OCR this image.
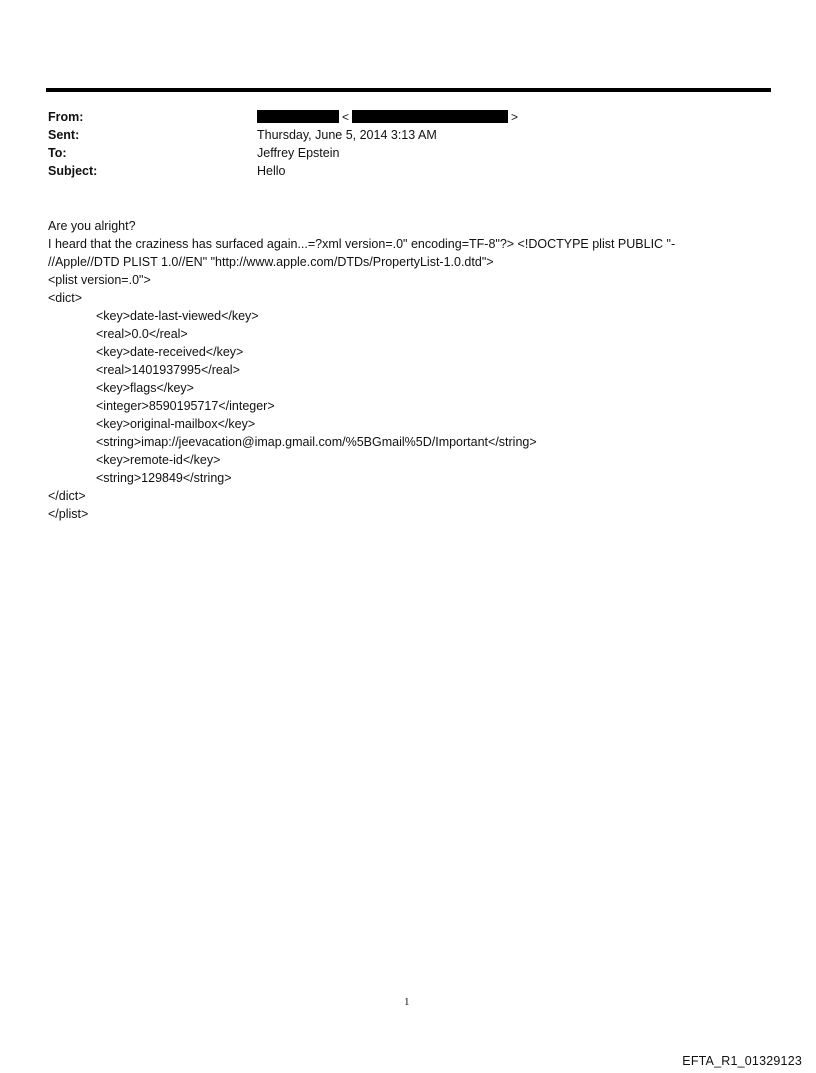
From:	<	>
Sent:	Thursday, June 5, 2014 3:13 AM
To:	Jeffrey Epstein
Subject:	Hello
Are you alright?
I heard that the craziness has surfaced again...=?xml version=.0" encoding=TF-8"?> <!DOCTYPE plist PUBLIC "-
//Apple//DTD PLIST 1.0//EN" "http://www.apple.com/DTDs/PropertyList-1.0.dtd">
<plist version=.0">
<dict>
<key>date-last-viewed</key>
<real>0.0</real>
<key>date-received</key>
<real>1401937995</real>
<key>flags</key>
<integer>8590195717</integer>
<key>original-mailbox</key>
<string>imap://jeevacation@imap.gmail.com/%5BGmail%5D/Important</string>
<key>remote-id</key>
<string>129849</string>
</dict>
</plist>
1
EFTA_R1_01329123
